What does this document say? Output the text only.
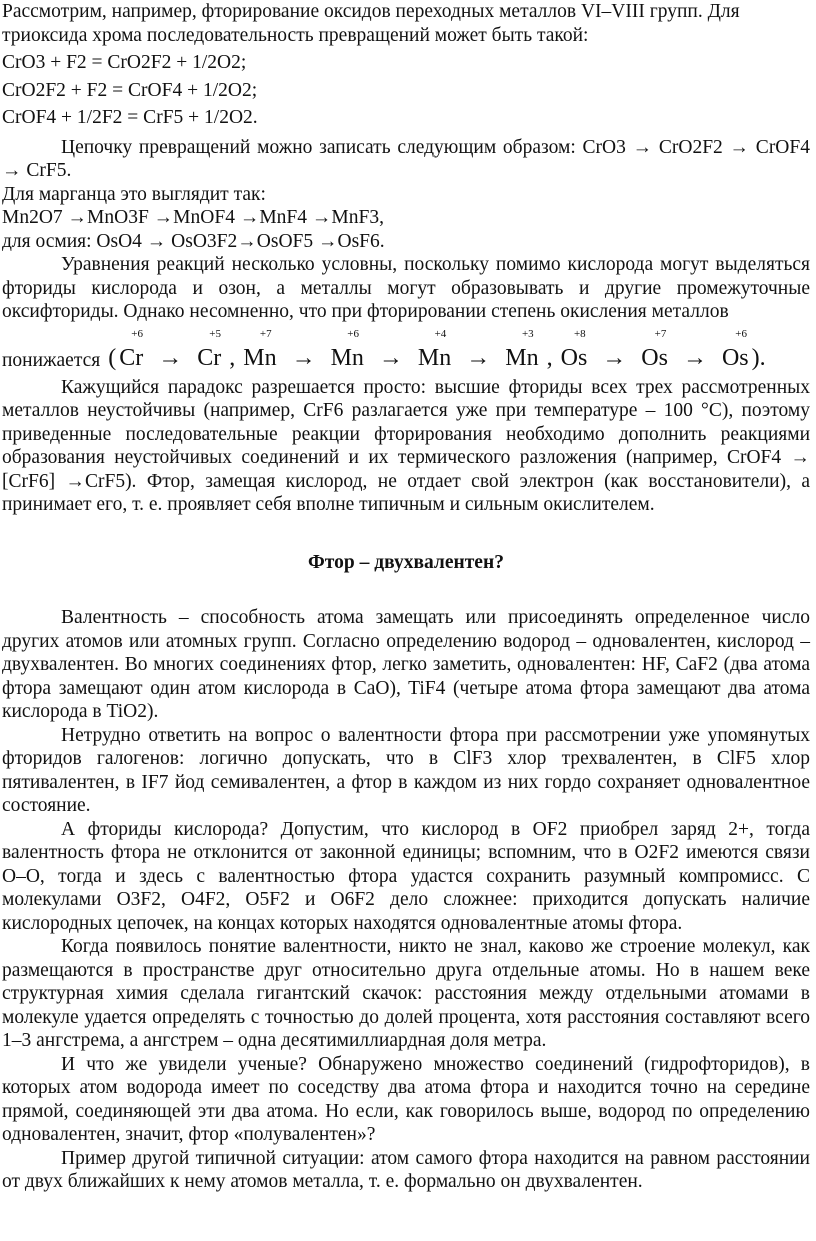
Рассмотрим, например, фторирование оксидов переходных металлов VI–VIII групп. Для

триоксида хрома последовательность превращений может быть такой:

CrO3 + F2 = CrO2F2 + 1/2O2;

CrO2F2 + F2 = CrOF4 + 1/2O2;

CrOF4 + 1/2F2 = CrF5 + 1/2O2.

Цепочку превращений можно записать следующим образом: CrO3 → CrO2F2 → CrOF4 → CrF5.

Для марганца это выглядит так:

Mn2O7 →MnO3F →MnOF4 →MnF4 →MnF3,

для осмия: OsO4 → OsO3F2→OsOF5 →OsF6.

Уравнения реакций несколько условны, поскольку помимо кислорода могут выделяться фториды кислорода и озон, а металлы могут образовывать и другие промежуточные оксифториды. Однако несомненно, что при фторировании степень окисления металлов

понижается (
+6
Cr →
+5
Cr ,
+7
Mn →
+6
Mn →
+4
Mn →
+3
Mn ,
+8
Os →
+7
Os →
+6
Os ).

Кажущийся парадокс разрешается просто: высшие фториды всех трех рассмотренных металлов неустойчивы (например, CrF6 разлагается уже при температуре – 100 °C), поэтому приведенные последовательные реакции фторирования необходимо дополнить реакциями образования неустойчивых соединений и их термического разложения (например, CrOF4 → [CrF6] →CrF5). Фтор, замещая кислород, не отдает свой электрон (как восстановители), а принимает его, т. е. проявляет себя вполне типичным и сильным окислителем.

Фтор – двухвалентен?

Валентность – способность атома замещать или присоединять определенное число других атомов или атомных групп. Согласно определению водород – одновалентен, кислород – двухвалентен. Во многих соединениях фтор, легко заметить, одновалентен: HF, CaF2 (два атома фтора замещают один атом кислорода в CaO), TiF4 (четыре атома фтора замещают два атома кислорода в TiO2).

Нетрудно ответить на вопрос о валентности фтора при рассмотрении уже упомянутых фторидов галогенов: логично допускать, что в ClF3 хлор трехвалентен, в ClF5 хлор пятивалентен, в IF7 йод семивалентен, а фтор в каждом из них гордо сохраняет одновалентное состояние.

А фториды кислорода? Допустим, что кислород в OF2 приобрел заряд 2+, тогда валентность фтора не отклонится от законной единицы; вспомним, что в O2F2 имеются связи O–O, тогда и здесь с валентностью фтора удастся сохранить разумный компромисс. С молекулами O3F2, O4F2, O5F2 и O6F2 дело сложнее: приходится допускать наличие кислородных цепочек, на концах которых находятся одновалентные атомы фтора.

Когда появилось понятие валентности, никто не знал, каково же строение молекул, как размещаются в пространстве друг относительно друга отдельные атомы. Но в нашем веке структурная химия сделала гигантский скачок: расстояния между отдельными атомами в молекуле удается определять с точностью до долей процента, хотя расстояния составляют всего 1–3 ангстрема, а ангстрем – одна десятимиллиардная доля метра.

И что же увидели ученые? Обнаружено множество соединений (гидрофторидов), в которых атом водорода имеет по соседству два атома фтора и находится точно на середине прямой, соединяющей эти два атома. Но если, как говорилось выше, водород по определению одновалентен, значит, фтор «полувалентен»?

Пример другой типичной ситуации: атом самого фтора находится на равном расстоянии от двух ближайших к нему атомов металла, т. е. формально он двухвалентен.
